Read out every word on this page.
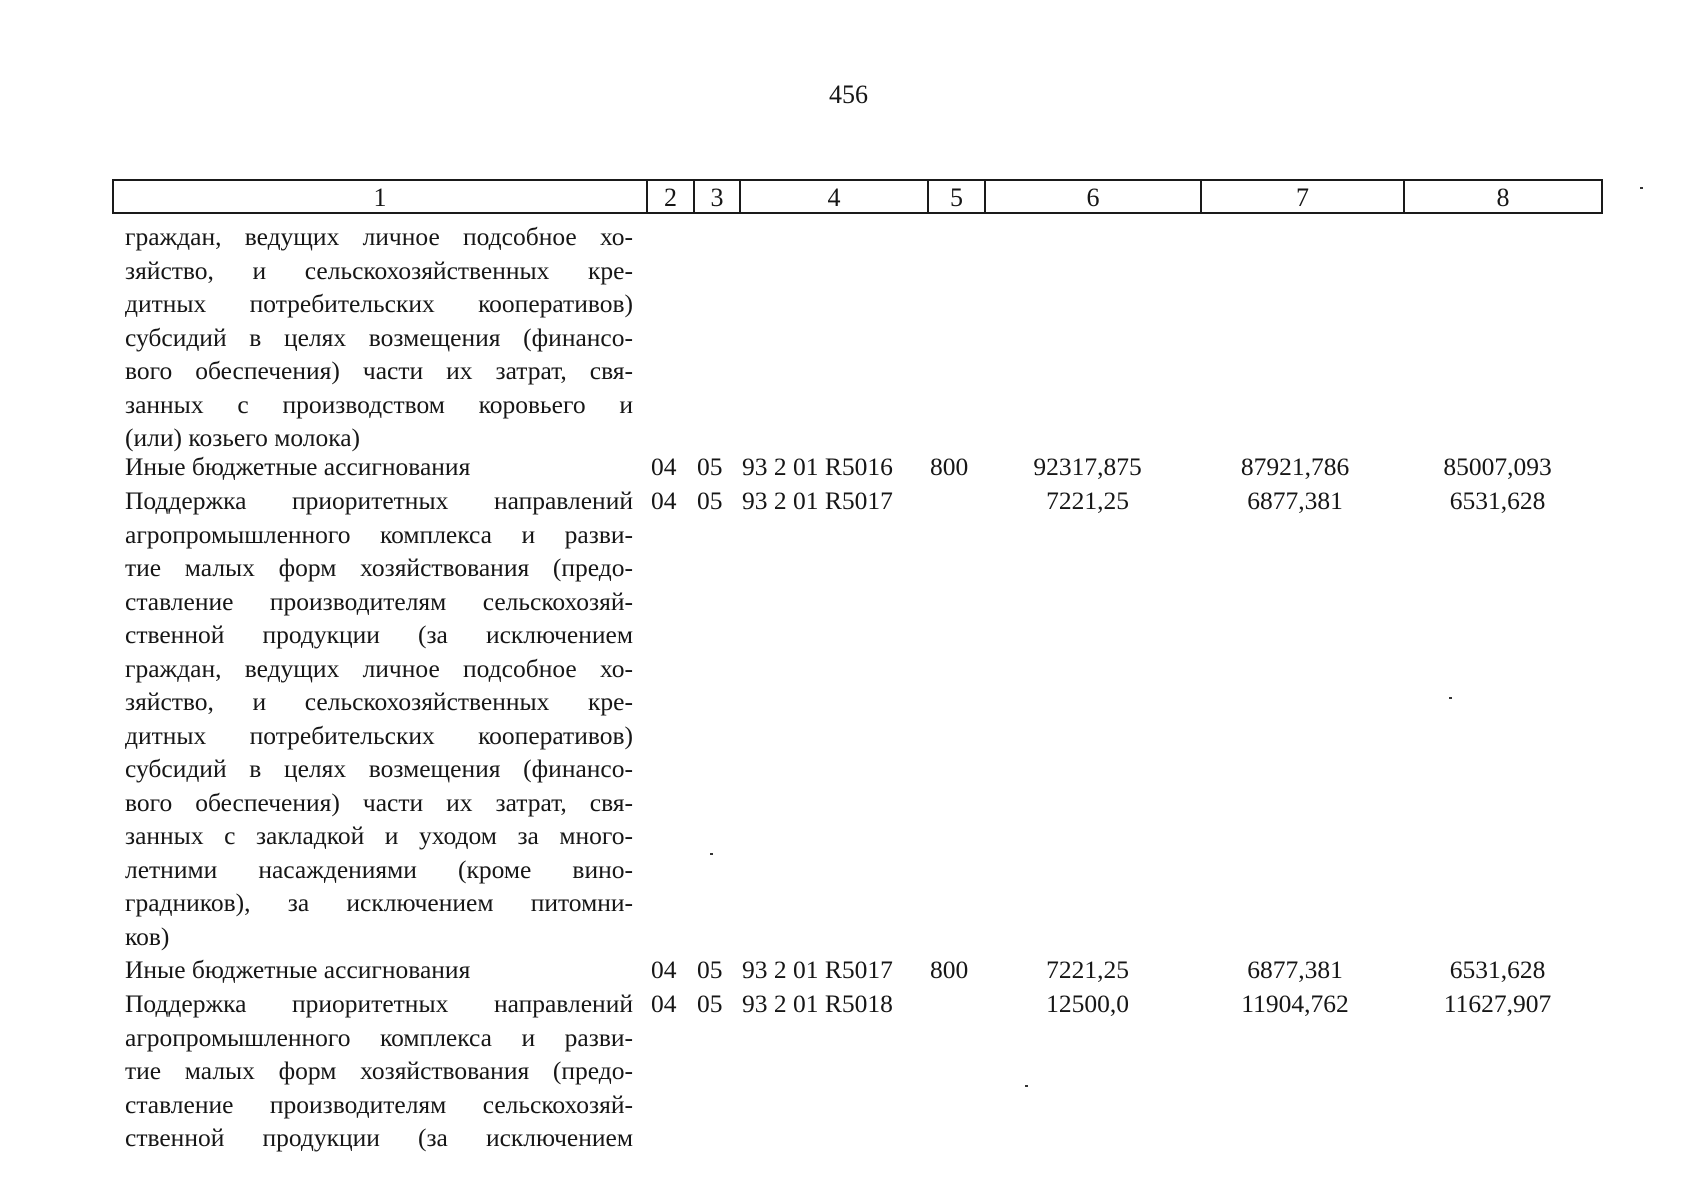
456
1	2	3	4	5	6	7	8
граждан, ведущих личное подсобное хо-
зяйство, и сельскохозяйственных кре-
дитных потребительских кооперативов)
субсидий в целях возмещения (финансо-
вого обеспечения) части их затрат, свя-
занных с производством коровьего и
(или) козьего молока)
Иные бюджетные ассигнования	04 05 93 2 01 R5016 800	92317,875	87921,786	85007,093
Поддержка приоритетных направлений
агропромышленного комплекса и разви-
тие малых форм хозяйствования (предо-
ставление производителям сельскохозяй-
ственной продукции (за исключением
граждан, ведущих личное подсобное хо-
зяйство, и сельскохозяйственных кре-
дитных потребительских кооперативов)
субсидий в целях возмещения (финансо-
вого обеспечения) части их затрат, свя-
занных с закладкой и уходом за много-
летними насаждениями (кроме вино-
градников), за исключением питомни-
ков)
04 05 93 2 01 R5017	7221,25	6877,381	6531,628
Иные бюджетные ассигнования	04 05 93 2 01 R5017 800	7221,25	6877,381	6531,628
Поддержка приоритетных направлений
агропромышленного комплекса и разви-
тие малых форм хозяйствования (предо-
ставление производителям сельскохозяй-
ственной продукции (за исключением
04 05 93 2 01 R5018	12500,0	11904,762	11627,907
